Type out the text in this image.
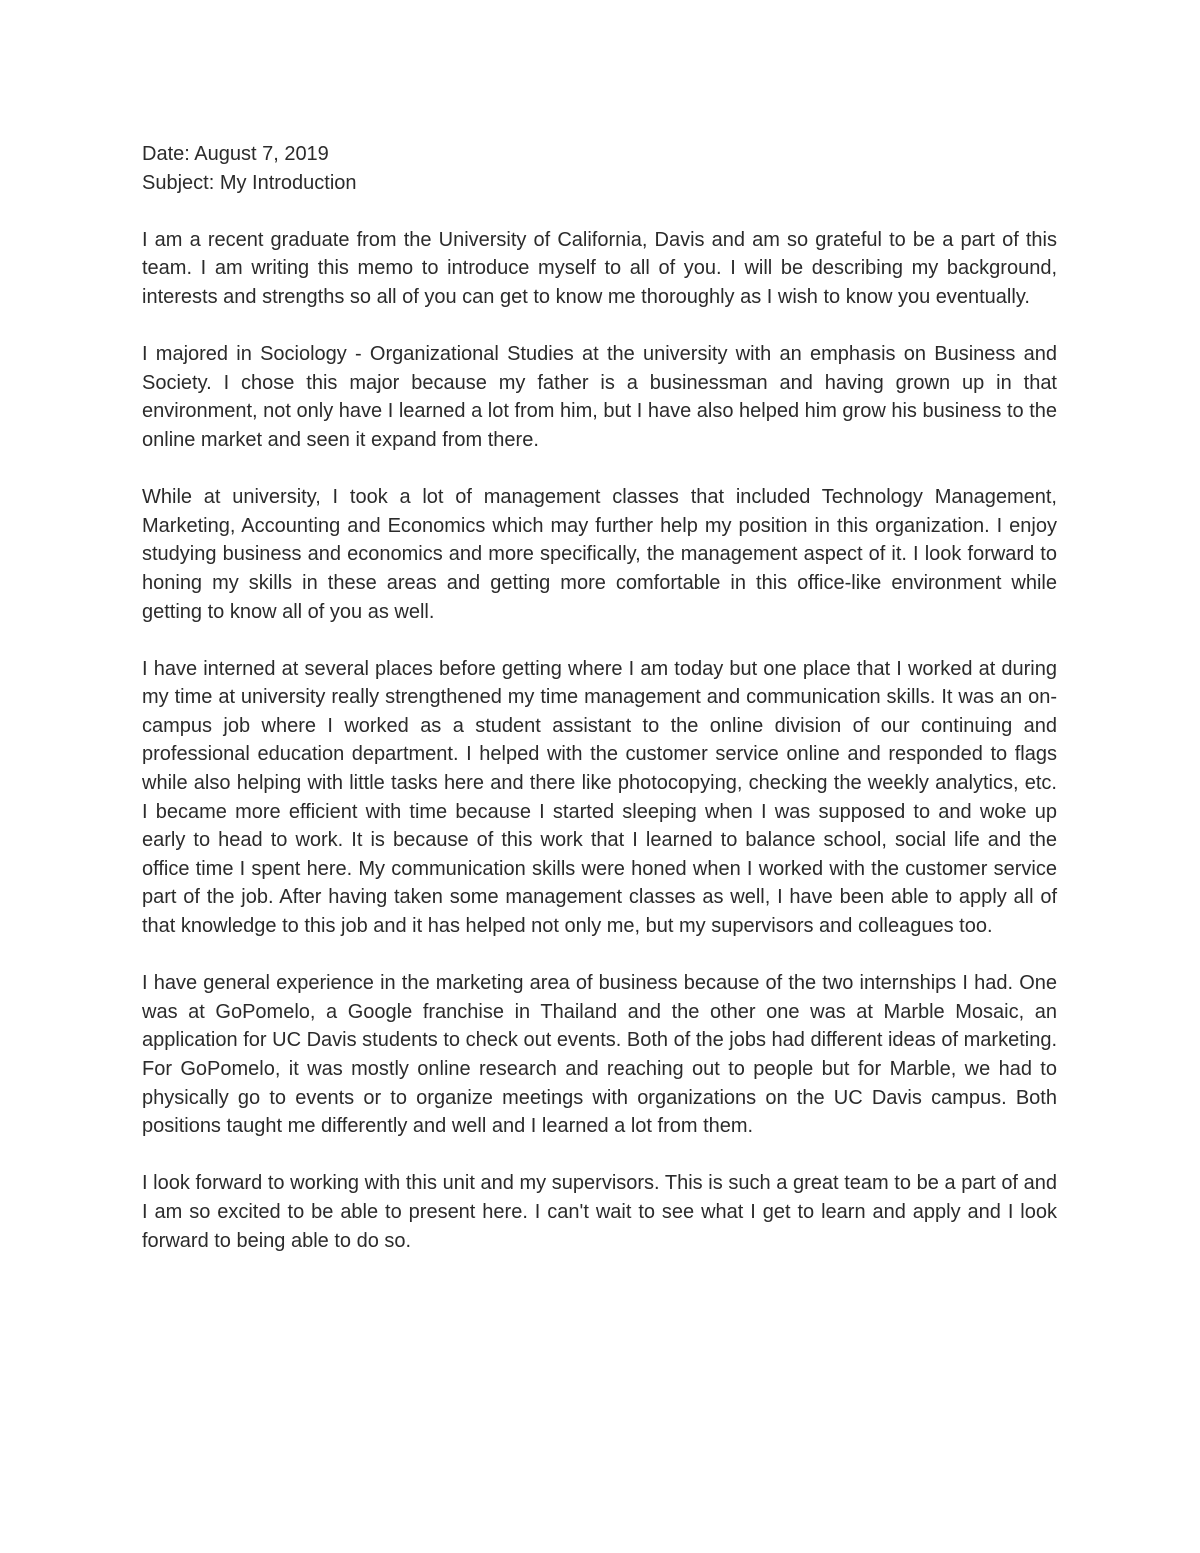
Date: August 7, 2019

Subject: My Introduction

I am a recent graduate from the University of California, Davis and am so grateful to be a part of this team. I am writing this memo to introduce myself to all of you. I will be describing my background, interests and strengths so all of you can get to know me thoroughly as I wish to know you eventually.

I majored in Sociology - Organizational Studies at the university with an emphasis on Business and Society. I chose this major because my father is a businessman and having grown up in that environment, not only have I learned a lot from him, but I have also helped him grow his business to the online market and seen it expand from there.

While at university, I took a lot of management classes that included Technology Management, Marketing, Accounting and Economics which may further help my position in this organization. I enjoy studying business and economics and more specifically, the management aspect of it. I look forward to honing my skills in these areas and getting more comfortable in this office-like environment while getting to know all of you as well.

I have interned at several places before getting where I am today but one place that I worked at during my time at university really strengthened my time management and communication skills. It was an on-campus job where I worked as a student assistant to the online division of our continuing and professional education department. I helped with the customer service online and responded to flags while also helping with little tasks here and there like photocopying, checking the weekly analytics, etc. I became more efficient with time because I started sleeping when I was supposed to and woke up early to head to work. It is because of this work that I learned to balance school, social life and the office time I spent here. My communication skills were honed when I worked with the customer service part of the job. After having taken some management classes as well, I have been able to apply all of that knowledge to this job and it has helped not only me, but my supervisors and colleagues too.

I have general experience in the marketing area of business because of the two internships I had. One was at GoPomelo, a Google franchise in Thailand and the other one was at Marble Mosaic, an application for UC Davis students to check out events. Both of the jobs had different ideas of marketing. For GoPomelo, it was mostly online research and reaching out to people but for Marble, we had to physically go to events or to organize meetings with organizations on the UC Davis campus. Both positions taught me differently and well and I learned a lot from them.

I look forward to working with this unit and my supervisors. This is such a great team to be a part of and I am so excited to be able to present here. I can't wait to see what I get to learn and apply and I look forward to being able to do so.
